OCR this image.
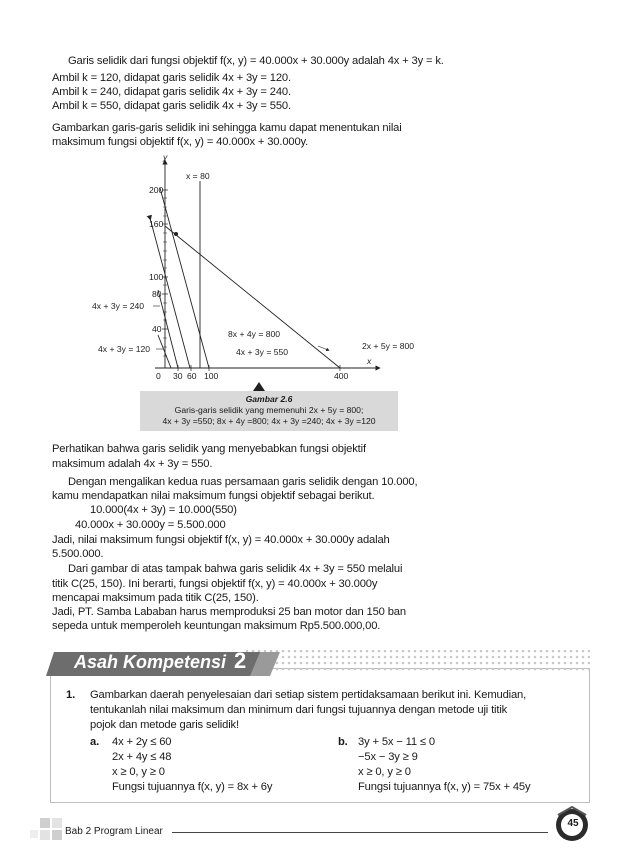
Garis selidik dari fungsi objektif f(x, y) = 40.000x + 30.000y adalah 4x + 3y = k.
Ambil k = 120, didapat garis selidik 4x + 3y = 120.
Ambil k = 240, didapat garis selidik 4x + 3y = 240.
Ambil k = 550, didapat garis selidik 4x + 3y = 550.
Gambarkan garis-garis selidik ini sehingga kamu dapat menentukan nilai
maksimum fungsi objektif f(x, y) = 40.000x + 30.000y.
y
x
x = 80
200
160
100
80
40
0 30 60 100	400
4x + 3y = 240
4x + 3y = 120
8x + 4y = 800
4x + 3y = 550
2x + 5y = 800
Gambar 2.6
Garis-garis selidik yang memenuhi 2x + 5y = 800;
4x + 3y =550; 8x + 4y =800; 4x + 3y =240; 4x + 3y =120
Perhatikan bahwa garis selidik yang menyebabkan fungsi objektif
maksimum adalah 4x + 3y = 550.
Dengan mengalikan kedua ruas persamaan garis selidik dengan 10.000,
kamu mendapatkan nilai maksimum fungsi objektif sebagai berikut.
10.000(4x + 3y) = 10.000(550)
40.000x + 30.000y = 5.500.000
Jadi, nilai maksimum fungsi objektif f(x, y) = 40.000x + 30.000y adalah
5.500.000.
Dari gambar di atas tampak bahwa garis selidik 4x + 3y = 550 melalui
titik C(25, 150). Ini berarti, fungsi objektif f(x, y) = 40.000x + 30.000y
mencapai maksimum pada titik C(25, 150).
Jadi, PT. Samba Lababan harus memproduksi 25 ban motor dan 150 ban
sepeda untuk memperoleh keuntungan maksimum Rp5.500.000,00.
Asah Kompetensi 2
1. Gambarkan daerah penyelesaian dari setiap sistem pertidaksamaan berikut ini. Kemudian,
tentukanlah nilai maksimum dan minimum dari fungsi tujuannya dengan metode uji titik
pojok dan metode garis selidik!
a. 4x + 2y ≤ 60
2x + 4y ≤ 48
x ≥ 0, y ≥ 0
Fungsi tujuannya f(x, y) = 8x + 6y
b. 3y + 5x − 11 ≤ 0
−5x − 3y ≥ 9
x ≥ 0, y ≥ 0
Fungsi tujuannya f(x, y) = 75x + 45y
Bab 2 Program Linear
45
